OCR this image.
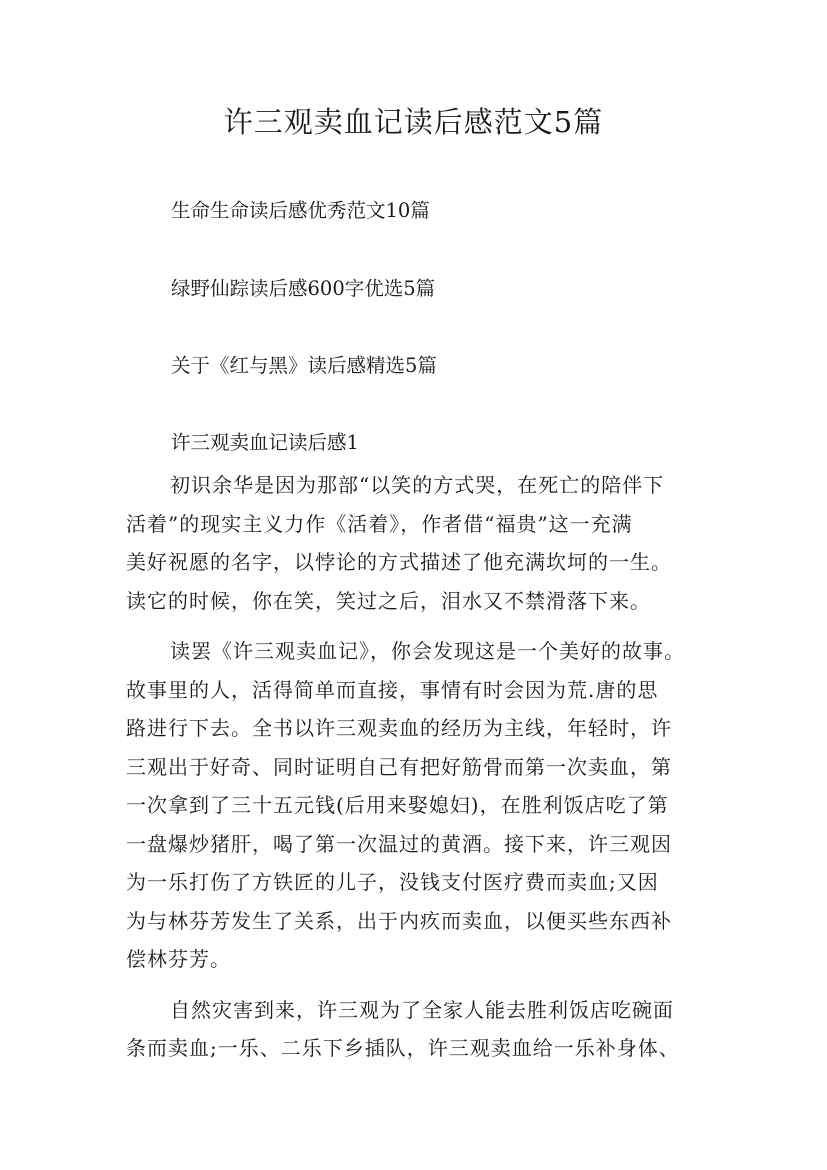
许三观卖血记读后感范文5篇

生命生命读后感优秀范文10篇

绿野仙踪读后感600字优选5篇

关于《红与黑》读后感精选5篇

许三观卖血记读后感1

初识余华是因为那部“以笑的方式哭，在死亡的陪伴下
活着”的现实主义力作《活着》，作者借“福贵”这一充满
美好祝愿的名字，以悖论的方式描述了他充满坎坷的一生。
读它的时候，你在笑，笑过之后，泪水又不禁滑落下来。

读罢《许三观卖血记》，你会发现这是一个美好的故事。
故事里的人，活得简单而直接，事情有时会因为荒.唐的思
路进行下去。全书以许三观卖血的经历为主线，年轻时，许
三观出于好奇、同时证明自己有把好筋骨而第一次卖血，第
一次拿到了三十五元钱(后用来娶媳妇)，在胜利饭店吃了第
一盘爆炒猪肝，喝了第一次温过的黄酒。接下来，许三观因
为一乐打伤了方铁匠的儿子，没钱支付医疗费而卖血;又因
为与林芬芳发生了关系，出于内疚而卖血，以便买些东西补
偿林芬芳。

自然灾害到来，许三观为了全家人能去胜利饭店吃碗面
条而卖血;一乐、二乐下乡插队，许三观卖血给一乐补身体、
